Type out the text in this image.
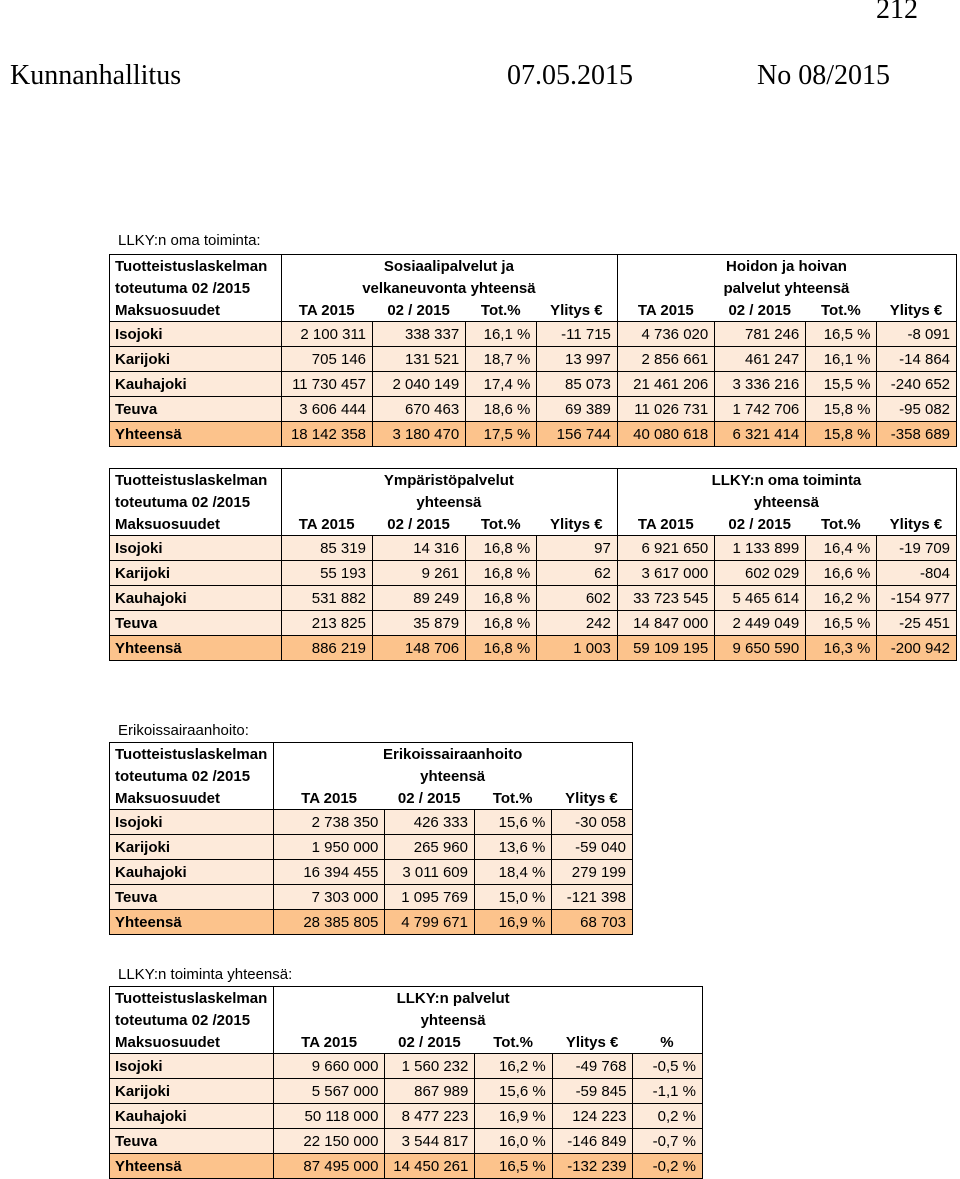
212
Kunnanhallitus	07.05.2015	No 08/2015
LLKY:n oma toiminta:
Tuotteistuslaskelman	Sosiaalipalvelut ja				Hoidon ja hoivan			
toteutuma 02 /2015	velkaneuvonta yhteensä				palvelut yhteensä			
Maksuosuudet	TA 2015	02 / 2015	Tot.%	Ylitys €	TA 2015	02 / 2015	Tot.%	Ylitys €
Isojoki	2 100 311	338 337	16,1 %	-11 715	4 736 020	781 246	16,5 %	-8 091
Karijoki	705 146	131 521	18,7 %	13 997	2 856 661	461 247	16,1 %	-14 864
Kauhajoki	11 730 457	2 040 149	17,4 %	85 073	21 461 206	3 336 216	15,5 %	-240 652
Teuva	3 606 444	670 463	18,6 %	69 389	11 026 731	1 742 706	15,8 %	-95 082
Yhteensä	18 142 358	3 180 470	17,5 %	156 744	40 080 618	6 321 414	15,8 %	-358 689
Tuotteistuslaskelman	Ympäristöpalvelut				LLKY:n oma toiminta			
toteutuma 02 /2015	yhteensä				yhteensä			
Maksuosuudet	TA 2015	02 / 2015	Tot.%	Ylitys €	TA 2015	02 / 2015	Tot.%	Ylitys €
Isojoki	85 319	14 316	16,8 %	97	6 921 650	1 133 899	16,4 %	-19 709
Karijoki	55 193	9 261	16,8 %	62	3 617 000	602 029	16,6 %	-804
Kauhajoki	531 882	89 249	16,8 %	602	33 723 545	5 465 614	16,2 %	-154 977
Teuva	213 825	35 879	16,8 %	242	14 847 000	2 449 049	16,5 %	-25 451
Yhteensä	886 219	148 706	16,8 %	1 003	59 109 195	9 650 590	16,3 %	-200 942
Erikoissairaanhoito:
Tuotteistuslaskelman	Erikoissairaanhoito			
toteutuma 02 /2015	yhteensä			
Maksuosuudet	TA 2015	02 / 2015	Tot.%	Ylitys €
Isojoki	2 738 350	426 333	15,6 %	-30 058
Karijoki	1 950 000	265 960	13,6 %	-59 040
Kauhajoki	16 394 455	3 011 609	18,4 %	279 199
Teuva	7 303 000	1 095 769	15,0 %	-121 398
Yhteensä	28 385 805	4 799 671	16,9 %	68 703
LLKY:n toiminta yhteensä:
Tuotteistuslaskelman	LLKY:n palvelut				
toteutuma 02 /2015	yhteensä				
Maksuosuudet	TA 2015	02 / 2015	Tot.%	Ylitys €	%
Isojoki	9 660 000	1 560 232	16,2 %	-49 768	-0,5 %
Karijoki	5 567 000	867 989	15,6 %	-59 845	-1,1 %
Kauhajoki	50 118 000	8 477 223	16,9 %	124 223	0,2 %
Teuva	22 150 000	3 544 817	16,0 %	-146 849	-0,7 %
Yhteensä	87 495 000	14 450 261	16,5 %	-132 239	-0,2 %
